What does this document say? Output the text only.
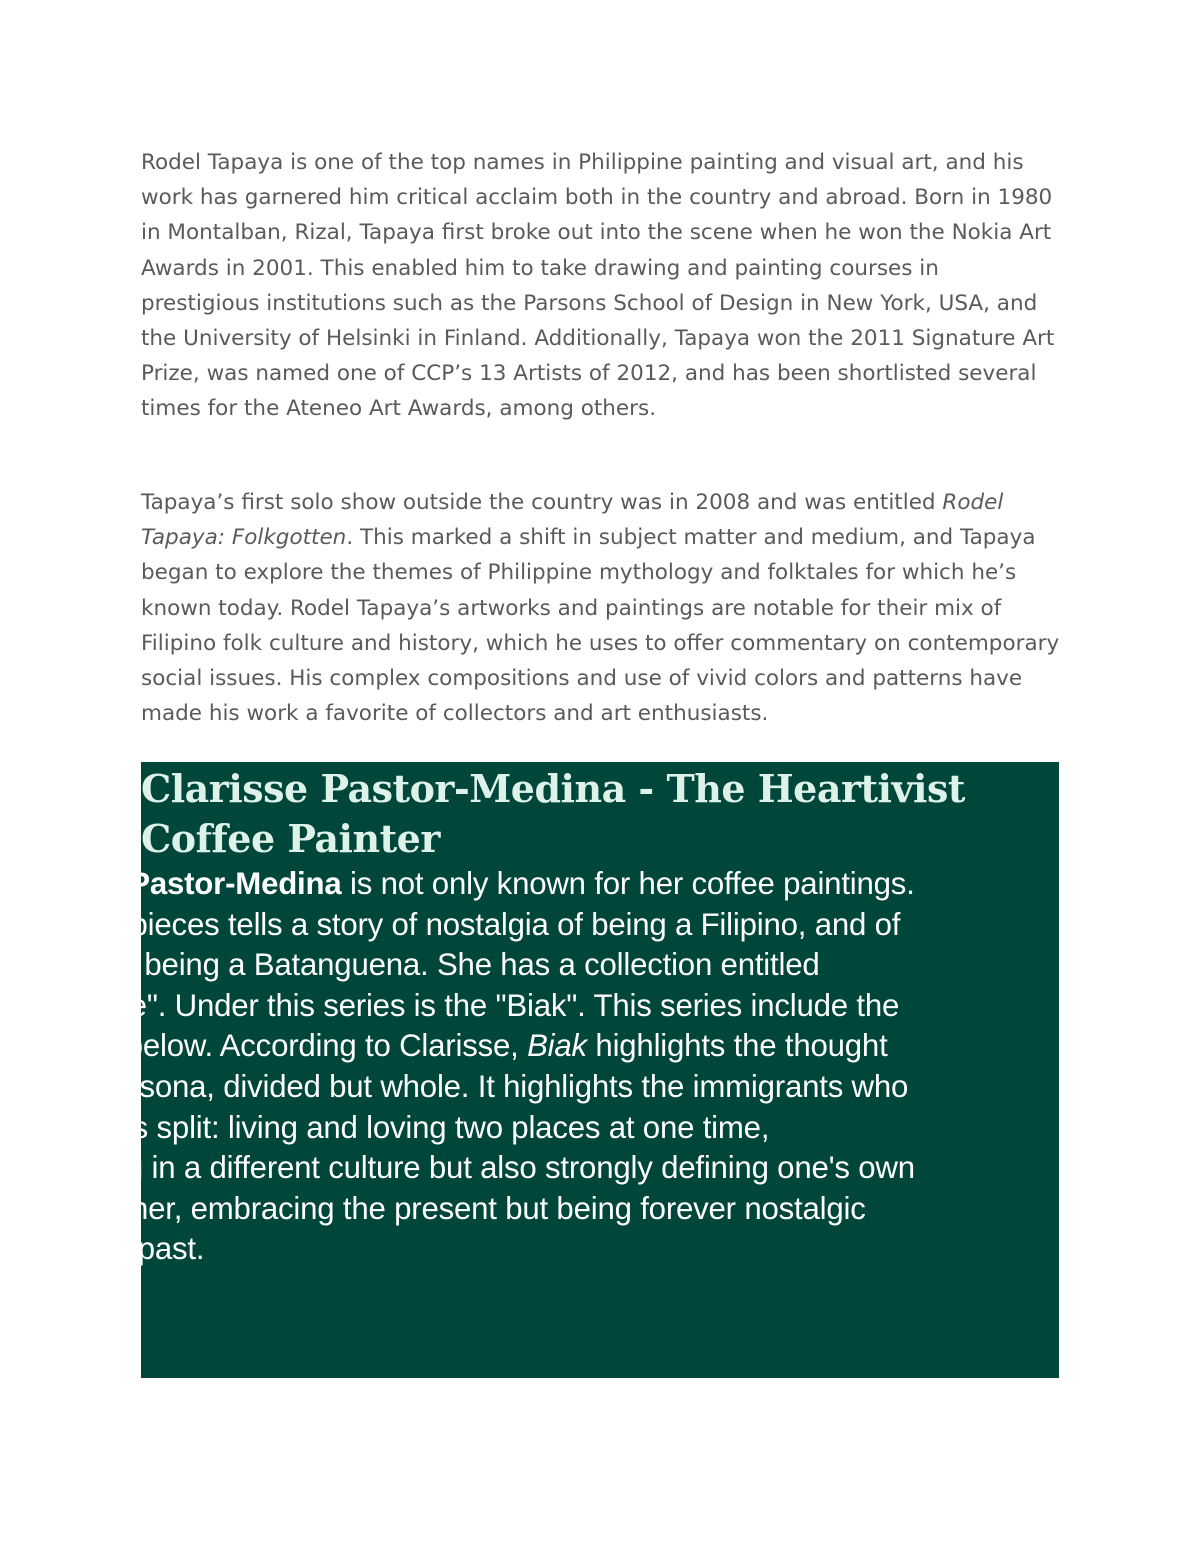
Rodel Tapaya is one of the top names in Philippine painting and visual art, and his work has garnered him critical acclaim both in the country and abroad. Born in 1980 in Montalban, Rizal, Tapaya first broke out into the scene when he won the Nokia Art Awards in 2001. This enabled him to take drawing and painting courses in prestigious institutions such as the Parsons School of Design in New York, USA, and the University of Helsinki in Finland. Additionally, Tapaya won the 2011 Signature Art Prize, was named one of CCP’s 13 Artists of 2012, and has been shortlisted several times for the Ateneo Art Awards, among others.

Tapaya’s first solo show outside the country was in 2008 and was entitled Rodel Tapaya: Folkgotten. This marked a shift in subject matter and medium, and Tapaya began to explore the themes of Philippine mythology and folktales for which he’s known today. Rodel Tapaya’s artworks and paintings are notable for their mix of Filipino folk culture and history, which he uses to offer commentary on contemporary social issues. His complex compositions and use of vivid colors and patterns have made his work a favorite of collectors and art enthusiasts.

Clarisse Pastor-Medina - The Heartivist Coffee Painter

Clarisse Pastor-Medina is not only known for her coffee paintings. All of her pieces tells a story of nostalgia of being a Filipino, and of course, of being a Batanguena. She has a collection entitled "Pinoiserie". Under this series is the "Biak". This series include the artworks below. According to Clarisse, Biak highlights the thought of one persona, divided but whole. It highlights the immigrants who are always split: living and loving two places at one time, immersing in a different culture but also strongly defining one's own from another, embracing the present but being forever nostalgic about the past.
